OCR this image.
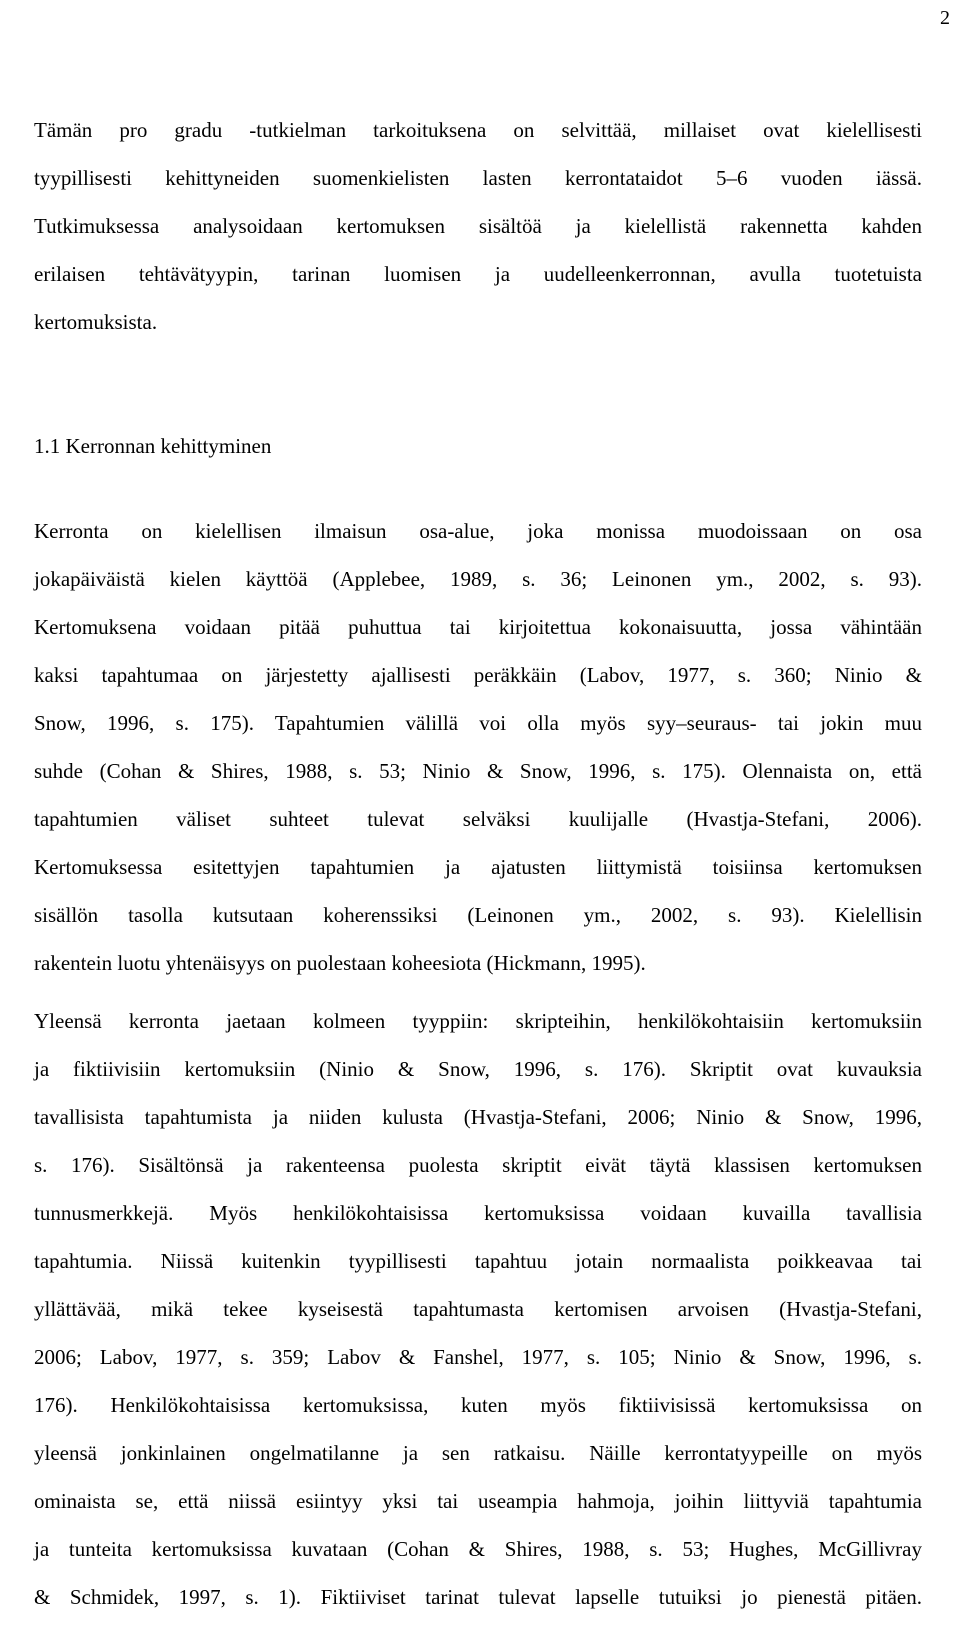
2
Tämän pro gradu -tutkielman tarkoituksena on selvittää, millaiset ovat kielellisesti
tyypillisesti kehittyneiden suomenkielisten lasten kerrontataidot 5–6 vuoden iässä.
Tutkimuksessa analysoidaan kertomuksen sisältöä ja kielellistä rakennetta kahden
erilaisen tehtävätyypin, tarinan luomisen ja uudelleenkerronnan, avulla tuotetuista
kertomuksista.
1.1 Kerronnan kehittyminen
Kerronta on kielellisen ilmaisun osa-alue, joka monissa muodoissaan on osa
jokapäiväistä kielen käyttöä (Applebee, 1989, s. 36; Leinonen ym., 2002, s. 93).
Kertomuksena voidaan pitää puhuttua tai kirjoitettua kokonaisuutta, jossa vähintään
kaksi tapahtumaa on järjestetty ajallisesti peräkkäin (Labov, 1977, s. 360; Ninio &
Snow, 1996, s. 175). Tapahtumien välillä voi olla myös syy–seuraus- tai jokin muu
suhde (Cohan & Shires, 1988, s. 53; Ninio & Snow, 1996, s. 175). Olennaista on, että
tapahtumien väliset suhteet tulevat selväksi kuulijalle (Hvastja-Stefani, 2006).
Kertomuksessa esitettyjen tapahtumien ja ajatusten liittymistä toisiinsa kertomuksen
sisällön tasolla kutsutaan koherenssiksi (Leinonen ym., 2002, s. 93). Kielellisin
rakentein luotu yhtenäisyys on puolestaan koheesiota (Hickmann, 1995).
Yleensä kerronta jaetaan kolmeen tyyppiin: skripteihin, henkilökohtaisiin kertomuksiin
ja fiktiivisiin kertomuksiin (Ninio & Snow, 1996, s. 176). Skriptit ovat kuvauksia
tavallisista tapahtumista ja niiden kulusta (Hvastja-Stefani, 2006; Ninio & Snow, 1996,
s. 176). Sisältönsä ja rakenteensa puolesta skriptit eivät täytä klassisen kertomuksen
tunnusmerkkejä. Myös henkilökohtaisissa kertomuksissa voidaan kuvailla tavallisia
tapahtumia. Niissä kuitenkin tyypillisesti tapahtuu jotain normaalista poikkeavaa tai
yllättävää, mikä tekee kyseisestä tapahtumasta kertomisen arvoisen (Hvastja-Stefani,
2006; Labov, 1977, s. 359; Labov & Fanshel, 1977, s. 105; Ninio & Snow, 1996, s.
176). Henkilökohtaisissa kertomuksissa, kuten myös fiktiivisissä kertomuksissa on
yleensä jonkinlainen ongelmatilanne ja sen ratkaisu. Näille kerrontatyypeille on myös
ominaista se, että niissä esiintyy yksi tai useampia hahmoja, joihin liittyviä tapahtumia
ja tunteita kertomuksissa kuvataan (Cohan & Shires, 1988, s. 53; Hughes, McGillivray
& Schmidek, 1997, s. 1). Fiktiiviset tarinat tulevat lapselle tutuiksi jo pienestä pitäen.
